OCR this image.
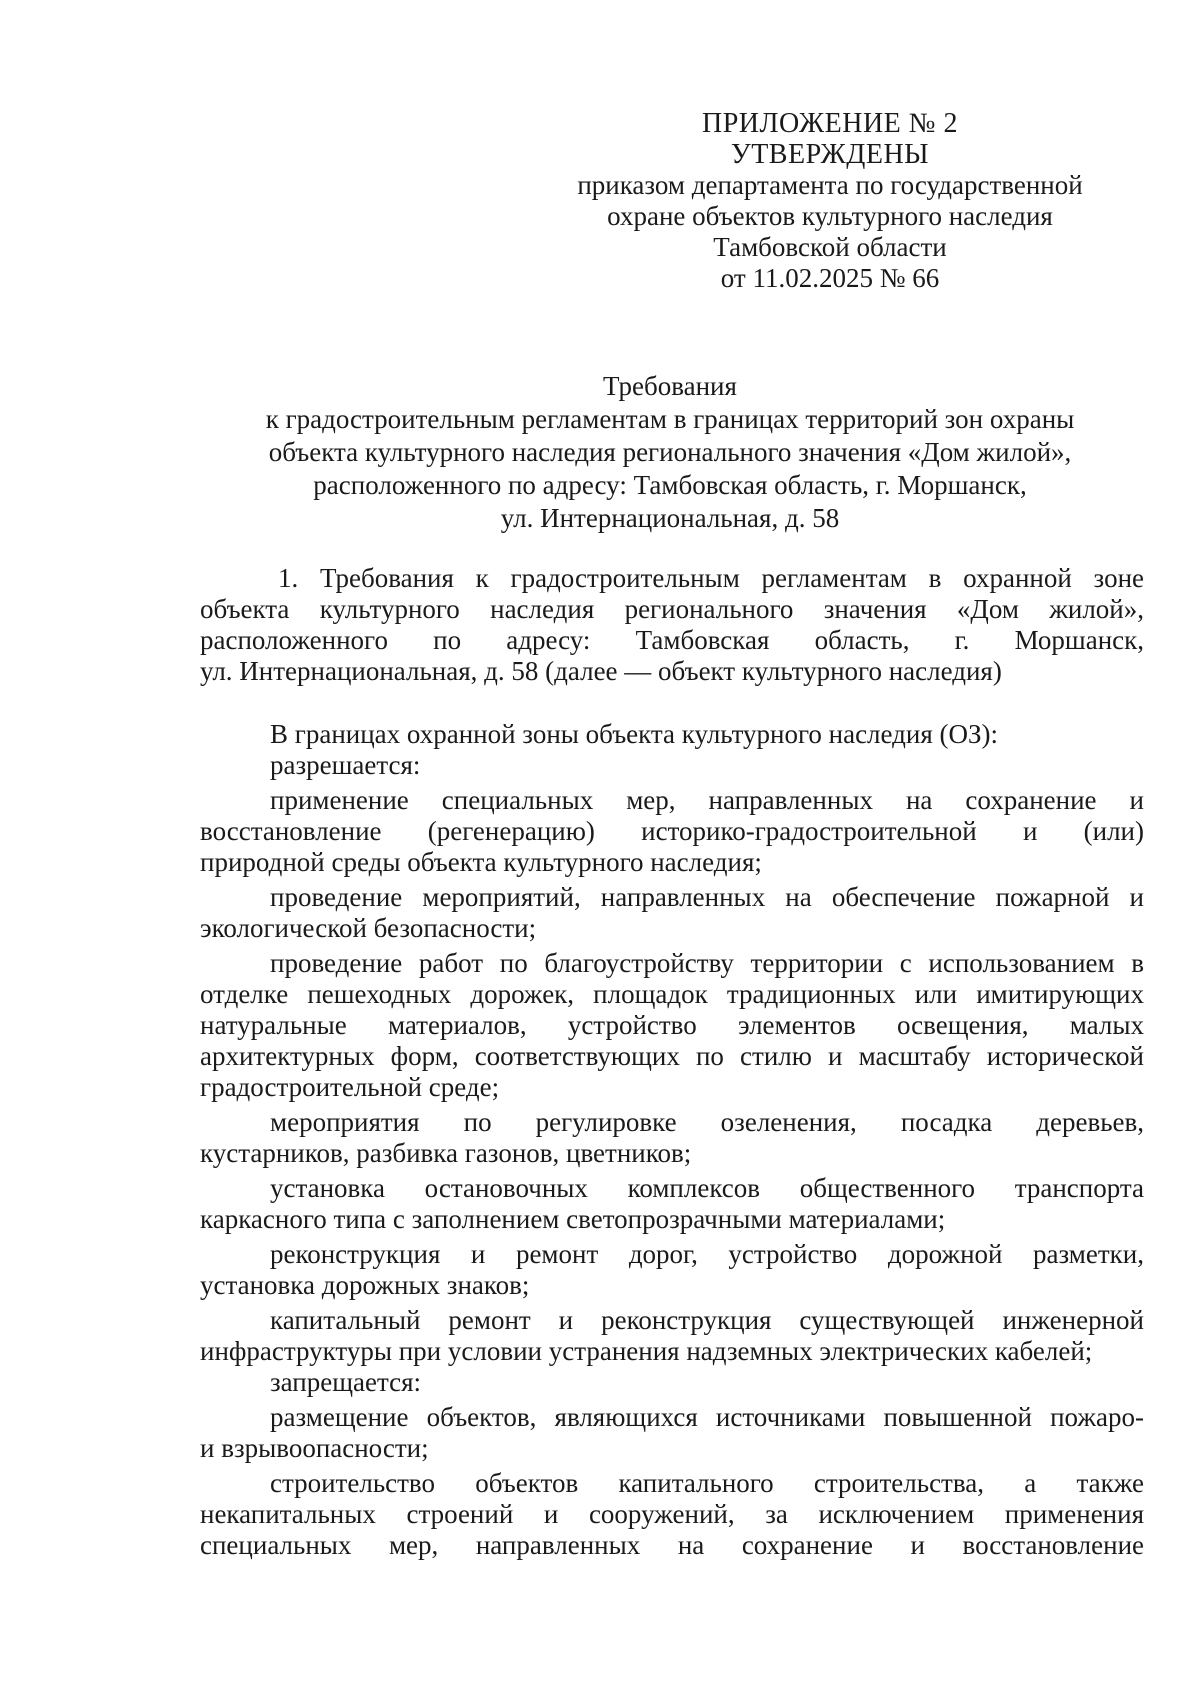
ПРИЛОЖЕНИЕ № 2
УТВЕРЖДЕНЫ
приказом департамента по государственной
охране объектов культурного наследия
Тамбовской области
от 11.02.2025 № 66
Требования
к градостроительным регламентам в границах территорий зон охраны
объекта культурного наследия регионального значения «Дом жилой»,
расположенного по адресу: Тамбовская область, г. Моршанск,
ул. Интернациональная, д. 58
1. Требования к градостроительным регламентам в охранной зоне
объекта культурного наследия регионального значения «Дом жилой»,
расположенного по адресу: Тамбовская область, г. Моршанск,
ул. Интернациональная, д. 58 (далее — объект культурного наследия)
В границах охранной зоны объекта культурного наследия (ОЗ):
разрешается:
применение специальных мер, направленных на сохранение и
восстановление (регенерацию) историко-градостроительной и (или)
природной среды объекта культурного наследия;
проведение мероприятий, направленных на обеспечение пожарной и
экологической безопасности;
проведение работ по благоустройству территории с использованием в
отделке пешеходных дорожек, площадок традиционных или имитирующих
натуральные материалов, устройство элементов освещения, малых
архитектурных форм, соответствующих по стилю и масштабу исторической
градостроительной среде;
мероприятия по регулировке озеленения, посадка деревьев,
кустарников, разбивка газонов, цветников;
установка остановочных комплексов общественного транспорта
каркасного типа с заполнением светопрозрачными материалами;
реконструкция и ремонт дорог, устройство дорожной разметки,
установка дорожных знаков;
капитальный ремонт и реконструкция существующей инженерной
инфраструктуры при условии устранения надземных электрических кабелей;
запрещается:
размещение объектов, являющихся источниками повышенной пожаро-
и взрывоопасности;
строительство объектов капитального строительства, а также
некапитальных строений и сооружений, за исключением применения
специальных мер, направленных на сохранение и восстановление
